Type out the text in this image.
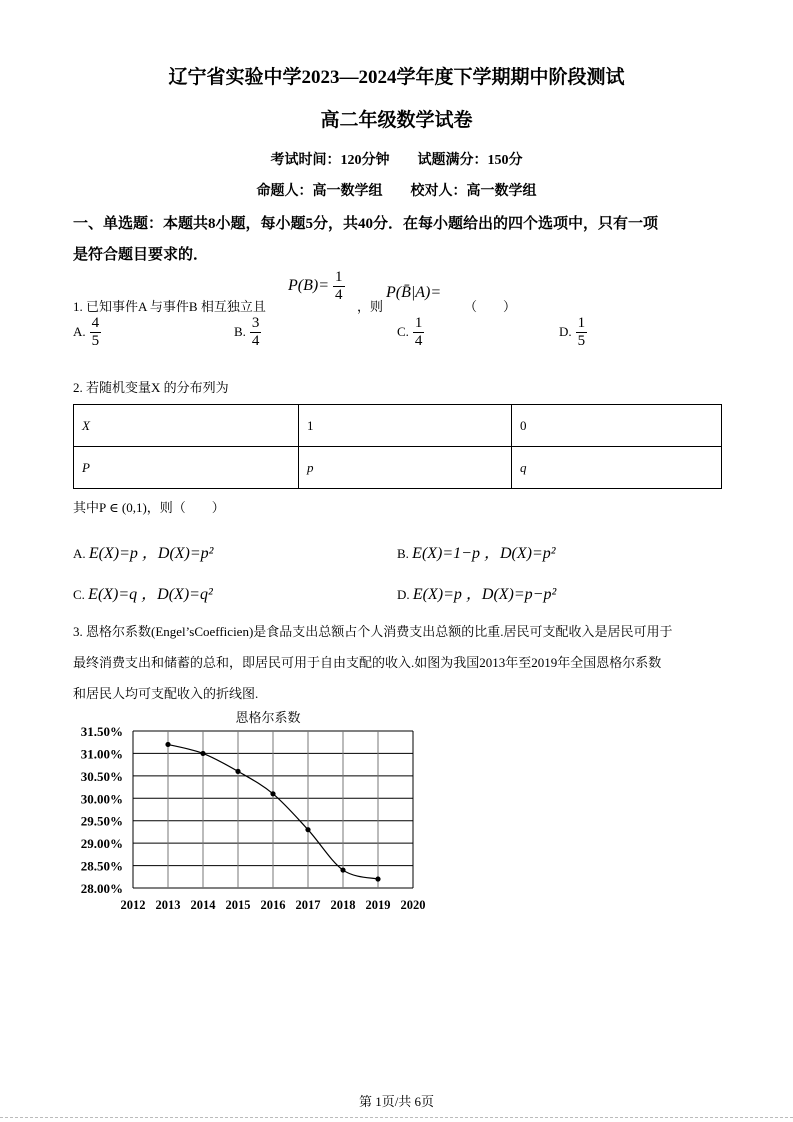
辽宁省实验中学2023—2024学年度下学期期中阶段测试
高二年级数学试卷
考试时间：120分钟　　试题满分：150分
命题人：高一数学组　　校对人：高一数学组
一、单选题：本题共8小题，每小题5分，共40分．在每小题给出的四个选项中，只有一项
是符合题目要求的．
1. 已知事件A 与事件B 相互独立且
$P(B)= \frac{1}{4}$
，则
P(B̄|A)=
（　　）
A. $\frac{4}{5}$	B. $\frac{3}{4}$	C. $\frac{1}{4}$	D. $\frac{1}{5}$
2. 若随机变量X 的分布列为
X	1	0
P	p	q
其中P ∈ (0,1)，则（　　）
A. E(X)=p ，D(X)=p²	B. E(X)=1−p ，D(X)=p²
C. E(X)=q ，D(X)=q²	D. E(X)=p ，D(X)=p−p²
3. 恩格尔系数(Engel’sCoefficien)是食品支出总额占个人消费支出总额的比重.居民可支配收入是居民可用于
最终消费支出和储蓄的总和，即居民可用于自由支配的收入.如图为我国2013年至2019年全国恩格尔系数
和居民人均可支配收入的折线图.
恩格尔系数
28.00%
28.50%
29.00%
29.50%
30.00%
30.50%
31.00%
31.50%
2012 2013 2014 2015 2016 2017 2018 2019 2020
第 1页/共 6页
